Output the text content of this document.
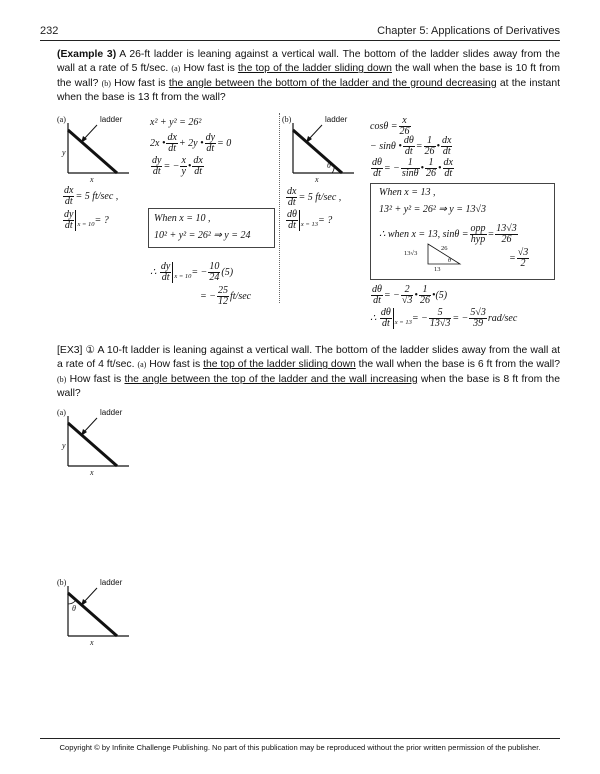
232	Chapter 5: Applications of Derivatives
(Example 3) A 26-ft ladder is leaning against a vertical wall. The bottom of the ladder slides away from the wall at a rate of 5 ft/sec. (a) How fast is the top of the ladder sliding down the wall when the base is 10 ft from the wall? (b) How fast is the angle between the bottom of the ladder and the ground decreasing at the instant when the base is 13 ft from the wall?
(a)	ladder
y
x
x² + y² = 26²
2x • $\frac{dx}{dt} + 2y$ • $\frac{dy}{dt} = 0$
$\frac{dy}{dt}$ = − $\frac{x}{y}$ • $\frac{dx}{dt}$
$\frac{dx}{dt} = 5$ ft/sec ,
$\frac{dy}{dt} _{x = 10}=$ ?	When x = 10 ,
10² + y² = 26² ⇒ y = 24
∴ $\frac{dy}{dt} _{x = 10}= - \frac{10}{24} (5)$
= − $\frac{25}{12} ft/\sec$
(b)	ladder
θ
x
$\cos\theta = \frac{x}{26}$
− sinθ • $\frac{d\theta}{dt} = \frac{1}{26}$ • $\frac{dx}{dt}$
$\frac{d\theta}{dt}$ = − $\frac{1}{\sin\theta}$ • $\frac{1}{26}$ • $\frac{dx}{dt}$
$\frac{dx}{dt} = 5$ ft/sec ,
$\frac{d\theta}{dt} _{x = 13}=$ ?
When x = 13 ,
13² + y² = 26² ⇒ y = 13√3
∴ when x = 13, $\sin\theta = \frac{\text{opp}}{\text{hyp}} = \frac{13√3}{26}$
= $\frac{√3}{2}$
13√3
26
13
θ
$\frac{d\theta}{dt}$ = − $\frac{2}{√3}$ • $\frac{1}{26}$ •(5)
∴ $\frac{d\theta}{dt} _{x = 13}= - \frac{5}{13√3}$ = − $\frac{5√3}{39} rad/\sec$
[EX3] ① A 10-ft ladder is leaning against a vertical wall. The bottom of the ladder slides away from the wall at a rate of 4 ft/sec. (a) How fast is the top of the ladder sliding down the wall when the base is 6 ft from the wall? (b) How fast is the angle between the top of the ladder and the wall increasing when the base is 8 ft from the wall?
(a)	ladder
y
x
(b)	ladder
θ
x
Copyright © by Infinite Challenge Publishing. No part of this publication may be reproduced without the prior written permission of the publisher.
